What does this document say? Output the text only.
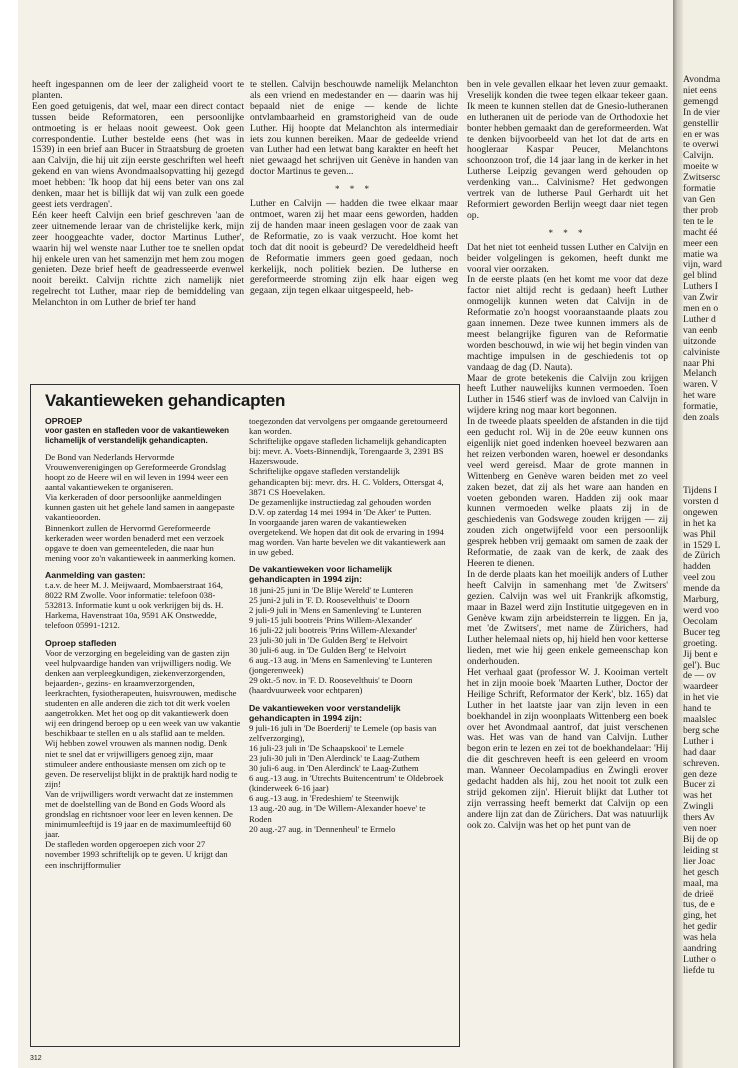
Avondma

niet eens

gemengd

In de vier

genstellir

en er was

te overwi

Calvijn.

moeite w

Zwitsersc

formatie

van Gen

ther prob

ten te le

macht éé

meer een

matie wa

vijn, ward

gel blind

Luthers I

van Zwir

men en o

Luther d

van eenb

uitzonde

calviniste

naar Phi

Melanch

waren. V

het ware

formatie,

den zoals

Tijdens I

vorsten d

ongewen

in het ka

was Phil

in 1529 L

de Zürich

hadden

veel zou

mende da

Marburg,

werd voo

Oecolam

Bucer teg

groeting.

Jij bent e

gel'). Buc

de — ov

waardeer

in het vie

hand te

maalslec

berg sche

Luther i

had daar

schreven.

gen deze

Bucer zi

was het

Zwingli

thers Av

ven noer

Bij de op

leiding st

lier Joac

het gesch

maal, ma

de drieë

tus, de e

ging, het

het gedir

was hela

aandring

Luther o

liefde tu

heeft ingespannen om de leer der zaligheid voort te planten.

Een goed getuigenis, dat wel, maar een direct contact tussen beide Reformatoren, een persoonlijke ontmoeting is er helaas nooit geweest. Ook geen correspondentie. Luther bestelde eens (het was in 1539) in een brief aan Bucer in Straatsburg de groeten aan Calvijn, die hij uit zijn eerste geschriften wel heeft gekend en van wiens Avondmaalsopvatting hij gezegd moet hebben: 'Ik hoop dat hij eens beter van ons zal denken, maar het is billijk dat wij van zulk een goede geest iets verdragen'.

Eén keer heeft Calvijn een brief geschreven 'aan de zeer uitnemende leraar van de christelijke kerk, mijn zeer hooggeachte vader, doctor Martinus Luther', waarin hij wel wenste naar Luther toe te snellen opdat hij enkele uren van het samenzijn met hem zou mogen genieten. Deze brief heeft de geadresseerde evenwel nooit bereikt. Calvijn richtte zich namelijk niet regelrecht tot Luther, maar riep de bemiddeling van Melanchton in om Luther de brief ter hand

te stellen. Calvijn beschouwde namelijk Melanchton als een vriend en medestander en — daarin was hij bepaald niet de enige — kende de lichte ontvlambaarheid en gramstorigheid van de oude Luther. Hij hoopte dat Melanchton als intermediair iets zou kunnen bereiken. Maar de gedeelde vriend van Luther had een letwat bang karakter en heeft het niet gewaagd het schrijven uit Genève in handen van doctor Martinus te geven...

* * *

Luther en Calvijn — hadden die twee elkaar maar ontmoet, waren zij het maar eens geworden, hadden zij de handen maar ineen geslagen voor de zaak van de Reformatie, zo is vaak verzucht. Hoe komt het toch dat dit nooit is gebeurd? De veredeldheid heeft de Reformatie immers geen goed gedaan, noch kerkelijk, noch politiek bezien. De lutherse en gereformeerde stroming zijn elk haar eigen weg gegaan, zijn tegen elkaar uitgespeeld, heb-

ben in vele gevallen elkaar het leven zuur gemaakt. Vreselijk konden die twee tegen elkaar tekeer gaan. Ik meen te kunnen stellen dat de Gnesio-lutheranen en lutheranen uit de periode van de Orthodoxie het bonter hebben gemaakt dan de gereformeerden. Wat te denken bijvoorbeeld van het lot dat de arts en hoogleraar Kaspar Peucer, Melanchtons schoonzoon trof, die 14 jaar lang in de kerker in het Lutherse Leipzig gevangen werd gehouden op verdenking van... Calvinisme? Het gedwongen vertrek van de lutherse Paul Gerhardt uit het Reformiert geworden Berlijn weegt daar niet tegen op.

* * *

Dat het niet tot eenheid tussen Luther en Calvijn en beider volgelingen is gekomen, heeft dunkt me vooral vier oorzaken.

In de eerste plaats (en het komt me voor dat deze factor niet altijd recht is gedaan) heeft Luther onmogelijk kunnen weten dat Calvijn in de Reformatie zo'n hoogst vooraanstaande plaats zou gaan innemen. Deze twee kunnen immers als de meest belangrijke figuren van de Reformatie worden beschouwd, in wie wij het begin vinden van machtige impulsen in de geschiedenis tot op vandaag de dag (D. Nauta).

Maar de grote betekenis die Calvijn zou krijgen heeft Luther nauwelijks kunnen vermoeden. Toen Luther in 1546 stierf was de invloed van Calvijn in wijdere kring nog maar kort begonnen.

In de tweede plaats speelden de afstanden in die tijd een geducht rol. Wij in de 20e eeuw kunnen ons eigenlijk niet goed indenken hoeveel bezwaren aan het reizen verbonden waren, hoewel er desondanks veel werd gereisd. Maar de grote mannen in Wittenberg en Genève waren beiden met zo veel zaken bezet, dat zij als het ware aan handen en voeten gebonden waren. Hadden zij ook maar kunnen vermoeden welke plaats zij in de geschiedenis van Godswege zouden krijgen — zij zouden zich ongetwijfeld voor een persoonlijk gesprek hebben vrij gemaakt om samen de zaak der Reformatie, de zaak van de kerk, de zaak des Heeren te dienen.

In de derde plaats kan het moeilijk anders of Luther heeft Calvijn in samenhang met 'de Zwitsers' gezien. Calvijn was wel uit Frankrijk afkomstig, maar in Bazel werd zijn Institutie uitgegeven en in Genève kwam zijn arbeidsterrein te liggen. En ja, met 'de Zwitsers', met name de Zürichers, had Luther helemaal niets op, hij hield hen voor ketterse lieden, met wie hij geen enkele gemeenschap kon onderhouden.

Het verhaal gaat (professor W. J. Kooiman vertelt het in zijn mooie boek 'Maarten Luther, Doctor der Heilige Schrift, Reformator der Kerk', blz. 165) dat Luther in het laatste jaar van zijn leven in een boekhandel in zijn woonplaats Wittenberg een boek over het Avondmaal aantrof, dat juist verschenen was. Het was van de hand van Calvijn. Luther begon erin te lezen en zei tot de boekhandelaar: 'Hij die dit geschreven heeft is een geleerd en vroom man. Wanneer Oecolampadius en Zwingli erover gedacht hadden als hij, zou het nooit tot zulk een strijd gekomen zijn'. Hieruit blijkt dat Luther tot zijn verrassing heeft bemerkt dat Calvijn op een andere lijn zat dan de Zürichers. Dat was natuurlijk ook zo. Calvijn was het op het punt van de

Vakantieweken gehandicapten

OPROEP

voor gasten en stafleden voor de vakantieweken lichamelijk of verstandelijk gehandicapten.

De Bond van Nederlands Hervormde Vrouwenverenigingen op Gereformeerde Grondslag hoopt zo de Heere wil en wil leven in 1994 weer een aantal vakantieweken te organiseren.

Via kerkeraden of door persoonlijke aanmeldingen kunnen gasten uit het gehele land samen in aangepaste vakantieoorden.

Binnenkort zullen de Hervormd Gereformeerde kerkeraden weer worden benaderd met een verzoek opgave te doen van gemeenteleden, die naar hun mening voor zo'n vakantieweek in aanmerking komen.

Aanmelding van gasten:

t.a.v. de heer M. J. Meijwaard, Mombaerstraat 164, 8022 RM Zwolle. Voor informatie: telefoon 038-532813. Informatie kunt u ook verkrijgen bij ds. H. Harkema, Havenstraat 10a, 9591 AK Onstwedde, telefoon 05991-1212.

Oproep stafleden

Voor de verzorging en begeleiding van de gasten zijn veel hulpvaardige handen van vrijwilligers nodig. We denken aan verpleegkundigen, ziekenverzorgenden, bejaarden-, gezins- en kraamverzorgenden, leerkrachten, fysiotherapeuten, huisvrouwen, medische studenten en alle anderen die zich tot dit werk voelen aangetrokken. Met het oog op dit vakantiewerk doen wij een dringend beroep op u een week van uw vakantie beschikbaar te stellen en u als staflid aan te melden.

Wij hebben zowel vrouwen als mannen nodig. Denk niet te snel dat er vrijwilligers genoeg zijn, maar stimuleer andere enthousiaste mensen om zich op te geven. De reservelijst blijkt in de praktijk hard nodig te zijn!

Van de vrijwilligers wordt verwacht dat ze instemmen met de doelstelling van de Bond en Gods Woord als grondslag en richtsnoer voor leer en leven kennen. De minimumleeftijd is 19 jaar en de maximumleeftijd 60 jaar.

De stafleden worden opgeroepen zich voor 27 november 1993 schriftelijk op te geven. U krijgt dan een inschrijfformulier

toegezonden dat vervolgens per omgaande geretourneerd kan worden.

Schriftelijke opgave stafleden lichamelijk gehandicapten bij: mevr. A. Voets-Binnendijk, Torengaarde 3, 2391 BS Hazerswoude.

Schriftelijke opgave stafleden verstandelijk gehandicapten bij: mevr. drs. H. C. Volders, Ottersgat 4, 3871 CS Hoevelaken.

De gezamenlijke instructiedag zal gehouden worden D.V. op zaterdag 14 mei 1994 in 'De Aker' te Putten.

In voorgaande jaren waren de vakantieweken overgetekend. We hopen dat dit ook de ervaring in 1994 mag worden. Van harte bevelen we dit vakantiewerk aan in uw gebed.

De vakantieweken voor lichamelijk gehandicapten in 1994 zijn:

18 juni-25 juni in 'De Blije Wereld' te Lunteren

25 juni-2 juli in 'F. D. Roosevelthuis' te Doorn

2 juli-9 juli in 'Mens en Samenleving' te Lunteren

9 juli-15 juli bootreis 'Prins Willem-Alexander'

16 juli-22 juli bootreis 'Prins Willem-Alexander'

23 juli-30 juli in 'De Gulden Berg' te Helvoirt

30 juli-6 aug. in 'De Gulden Berg' te Helvoirt

6 aug.-13 aug. in 'Mens en Samenleving' te Lunteren (jongerenweek)

29 okt.-5 nov. in 'F. D. Roosevelthuis' te Doorn (haardvuurweek voor echtparen)

De vakantieweken voor verstandelijk gehandicapten in 1994 zijn:

9 juli-16 juli in 'De Boerderij' te Lemele (op basis van zelfverzorging),

16 juli-23 juli in 'De Schaapskooi' te Lemele

23 juli-30 juli in 'Den Alerdinck' te Laag-Zuthem

30 juli-6 aug. in 'Den Alerdinck' te Laag-Zuthem

6 aug.-13 aug. in 'Utrechts Buitencentrum' te Oldebroek (kinderweek 6-16 jaar)

6 aug.-13 aug. in 'Fredeshiem' te Steenwijk

13 aug.-20 aug. in 'De Willem-Alexander hoeve' te Roden

20 aug.-27 aug. in 'Dennenheul' te Ermelo

312
